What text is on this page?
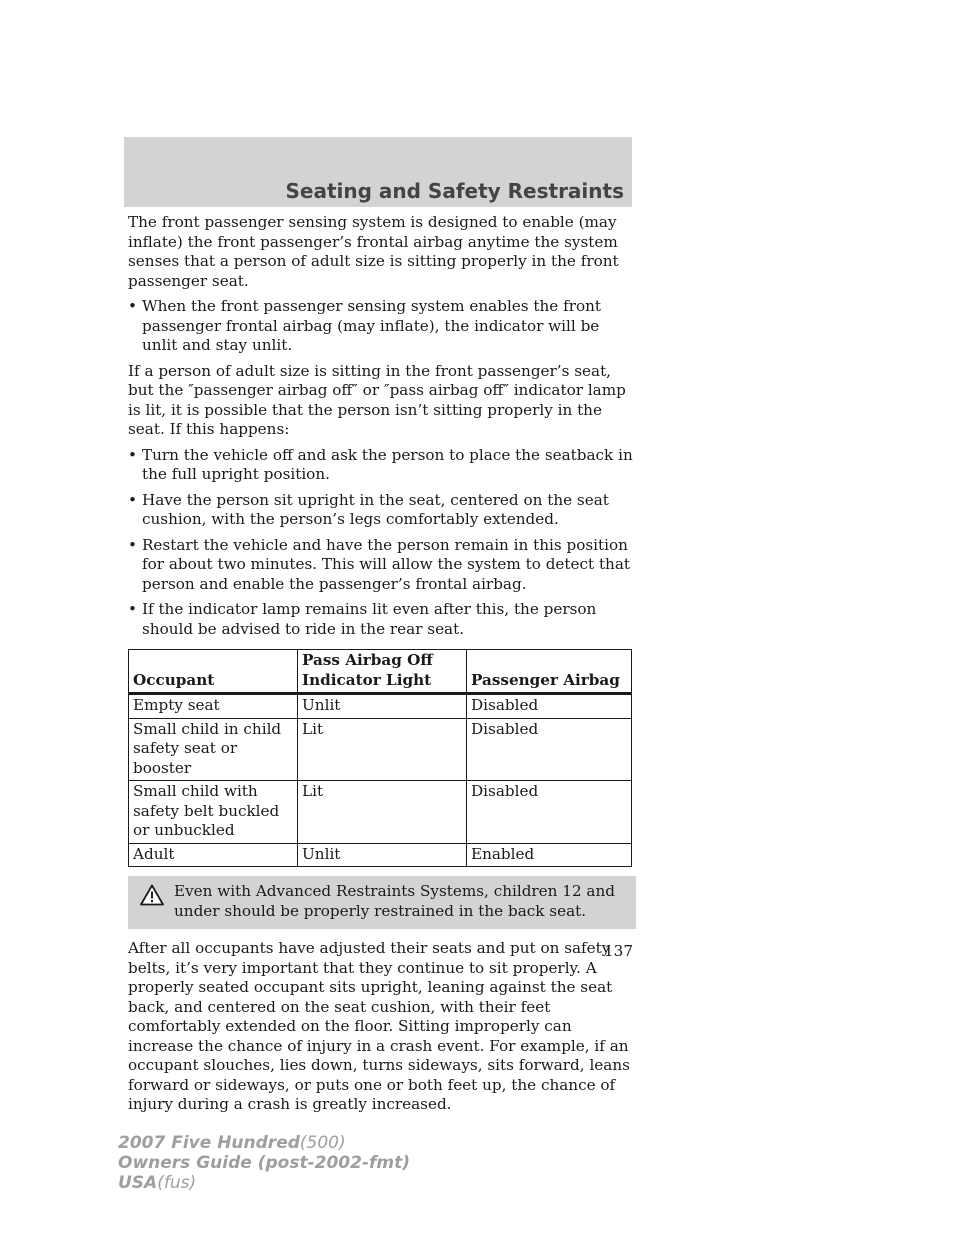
Seating and Safety Restraints

The front passenger sensing system is designed to enable (may inflate) the front passenger’s frontal airbag anytime the system senses that a person of adult size is sitting properly in the front passenger seat.

• When the front passenger sensing system enables the front passenger frontal airbag (may inflate), the indicator will be unlit and stay unlit.

If a person of adult size is sitting in the front passenger’s seat, but the ″passenger airbag off″ or ″pass airbag off″ indicator lamp is lit, it is possible that the person isn’t sitting properly in the seat. If this happens:

• Turn the vehicle off and ask the person to place the seatback in the full upright position.
• Have the person sit upright in the seat, centered on the seat cushion, with the person’s legs comfortably extended.
• Restart the vehicle and have the person remain in this position for about two minutes. This will allow the system to detect that person and enable the passenger’s frontal airbag.
• If the indicator lamp remains lit even after this, the person should be advised to ride in the rear seat.
Occupant	Pass Airbag Off Indicator Light	Passenger Airbag
Empty seat	Unlit	Disabled
Small child in child safety seat or booster	Lit	Disabled
Small child with safety belt buckled or unbuckled	Lit	Disabled
Adult	Unlit	Enabled

Even with Advanced Restraints Systems, children 12 and under should be properly restrained in the back seat.

After all occupants have adjusted their seats and put on safety belts, it’s very important that they continue to sit properly. A properly seated occupant sits upright, leaning against the seat back, and centered on the seat cushion, with their feet comfortably extended on the floor. Sitting improperly can increase the chance of injury in a crash event. For example, if an occupant slouches, lies down, turns sideways, sits forward, leans forward or sideways, or puts one or both feet up, the chance of injury during a crash is greatly increased.

137

2007 Five Hundred(500)
Owners Guide (post-2002-fmt)
USA(fus)
